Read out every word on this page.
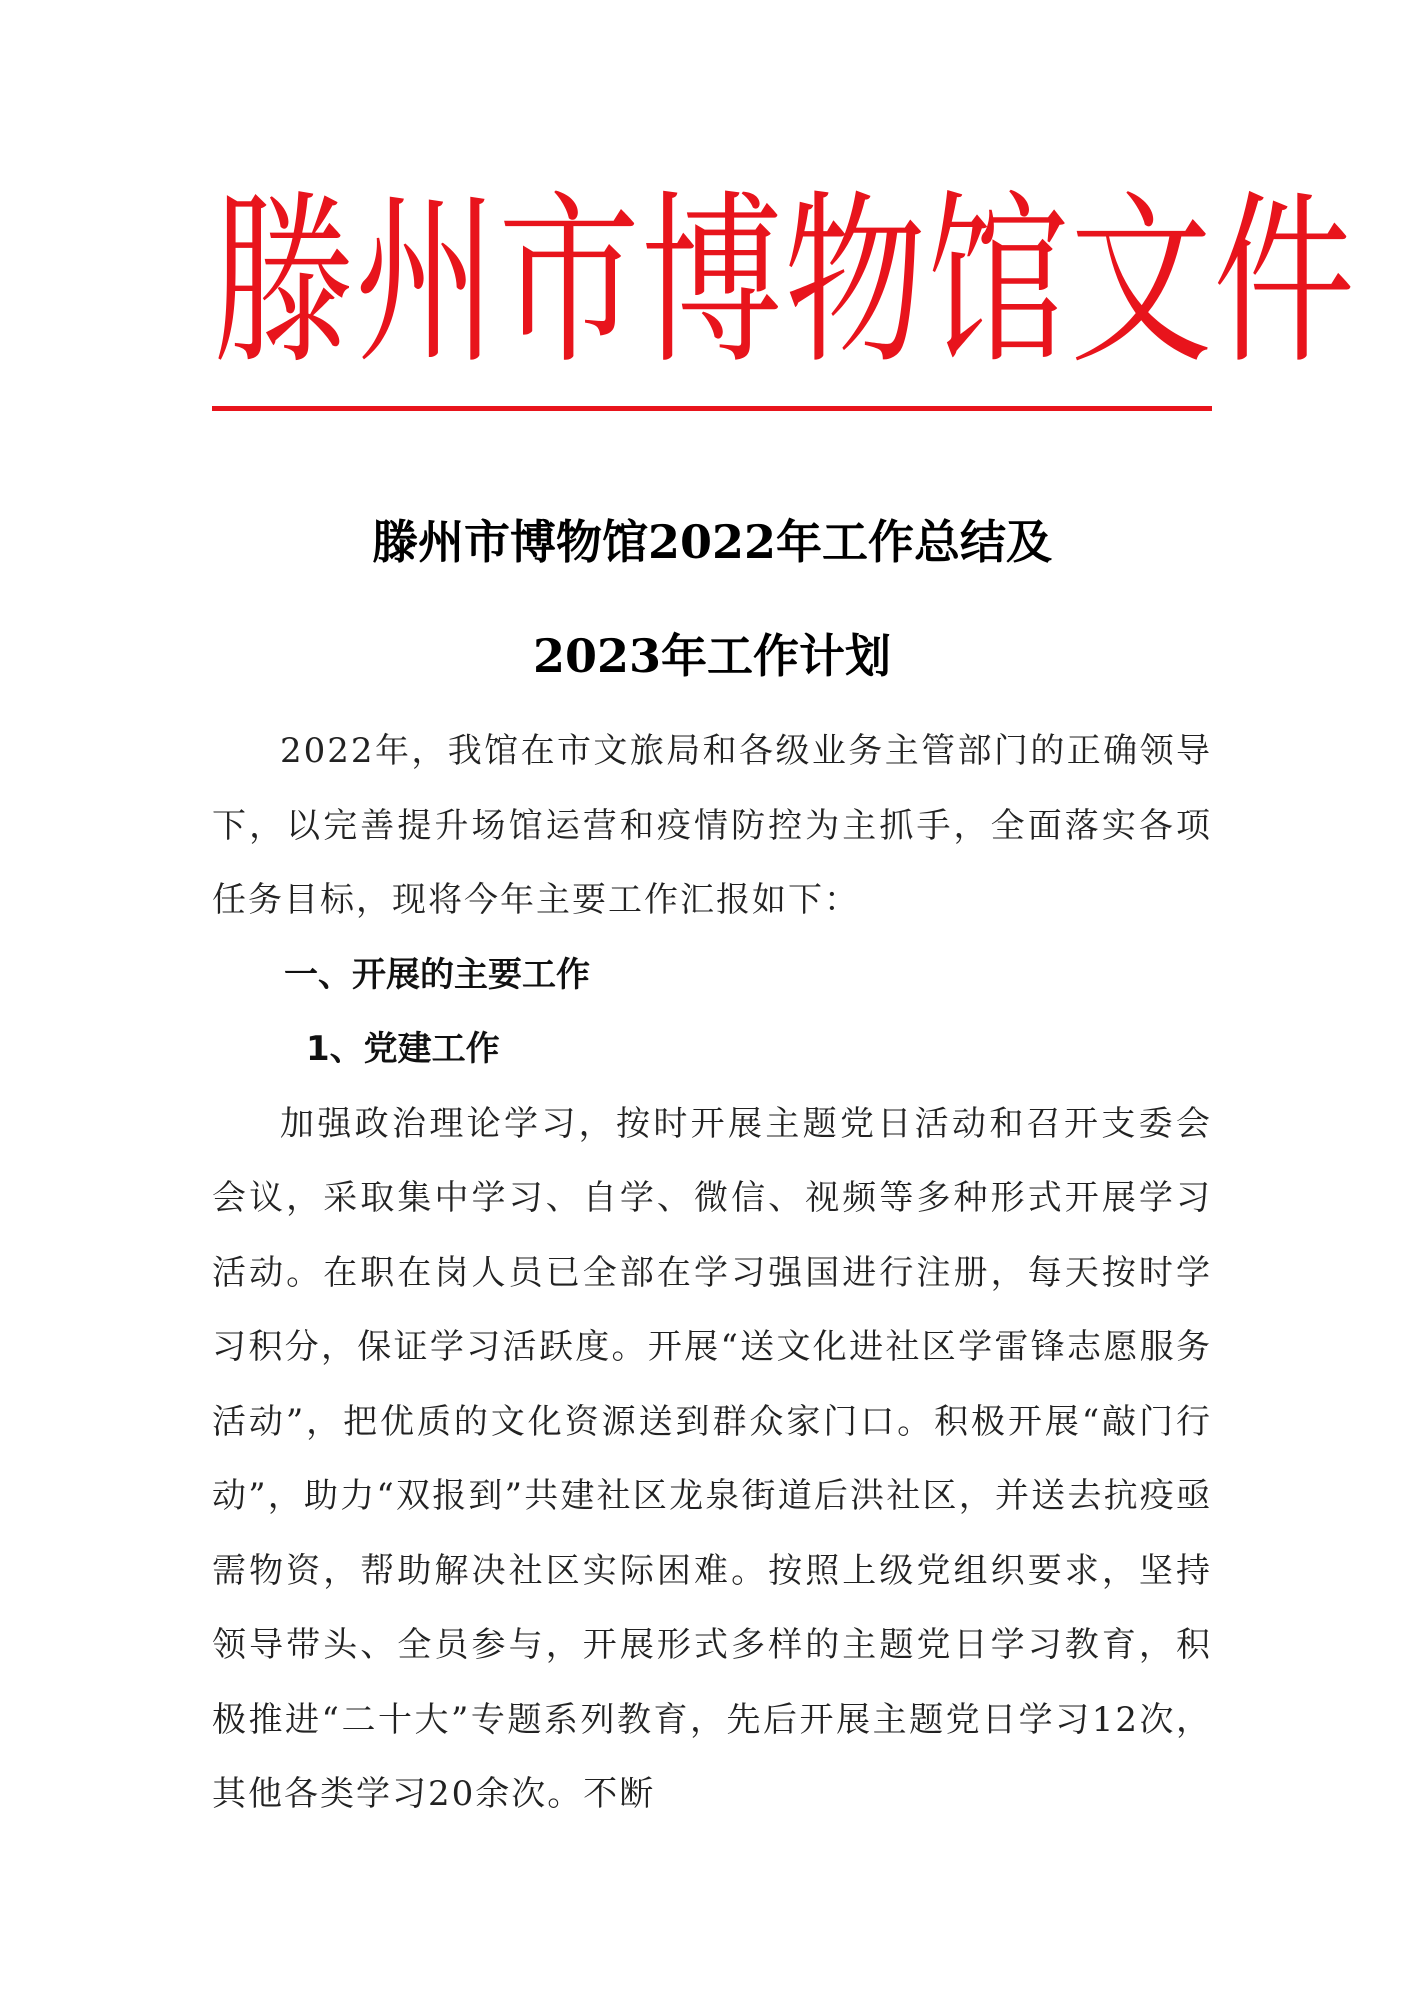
滕州市博物馆文件
滕州市博物馆2022年工作总结及
2023年工作计划

2022年，我馆在市文旅局和各级业务主管部门的正确领导下，以完善提升场馆运营和疫情防控为主抓手，全面落实各项任务目标，现将今年主要工作汇报如下：

一、开展的主要工作

1、党建工作

加强政治理论学习，按时开展主题党日活动和召开支委会会议，采取集中学习、自学、微信、视频等多种形式开展学习活动。在职在岗人员已全部在学习强国进行注册，每天按时学习积分，保证学习活跃度。开展“送文化进社区学雷锋志愿服务活动”，把优质的文化资源送到群众家门口。积极开展“敲门行动”，助力“双报到”共建社区龙泉街道后洪社区，并送去抗疫亟需物资，帮助解决社区实际困难。按照上级党组织要求，坚持领导带头、全员参与，开展形式多样的主题党日学习教育，积极推进“二十大”专题系列教育，先后开展主题党日学习12次，其他各类学习20余次。不断
